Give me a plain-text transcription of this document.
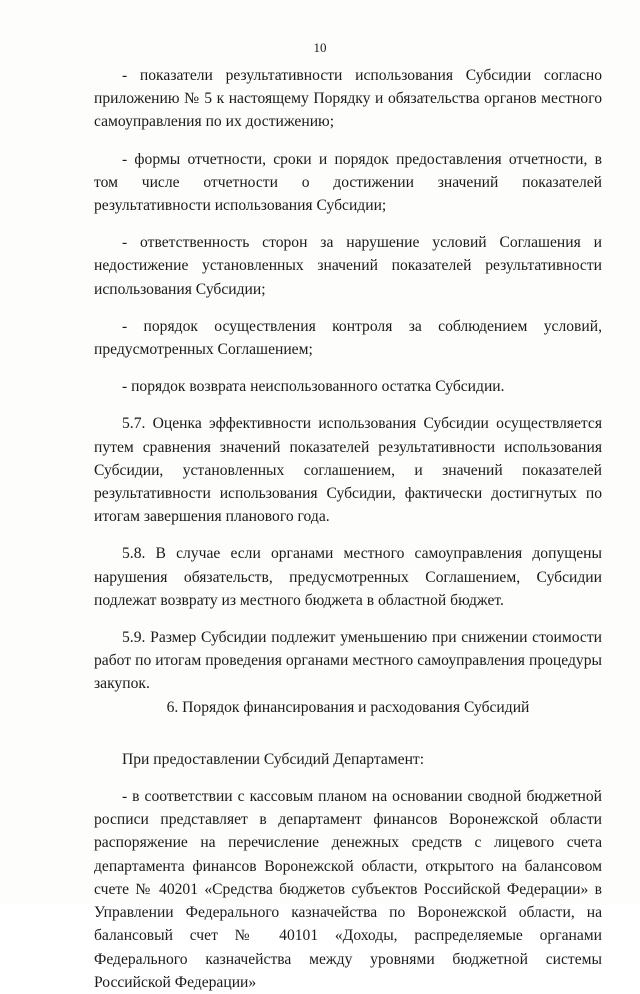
10

- показатели результативности использования Субсидии согласно приложению № 5 к настоящему Порядку и обязательства органов местного самоуправления по их достижению;

- формы отчетности, сроки и порядок предоставления отчетности, в том числе отчетности о достижении значений показателей результативности использования Субсидии;

- ответственность сторон за нарушение условий Соглашения и недостижение установленных значений показателей результативности использования Субсидии;

- порядок осуществления контроля за соблюдением условий, предусмотренных Соглашением;

- порядок возврата неиспользованного остатка Субсидии.

5.7. Оценка эффективности использования Субсидии осуществляется путем сравнения значений показателей результативности использования Субсидии, установленных соглашением, и значений показателей результативности использования Субсидии, фактически достигнутых по итогам завершения планового года.

5.8. В случае если органами местного самоуправления допущены нарушения обязательств, предусмотренных Соглашением, Субсидии подлежат возврату из местного бюджета в областной бюджет.

5.9. Размер Субсидии подлежит уменьшению при снижении стоимости работ по итогам проведения органами местного самоуправления процедуры закупок.

6. Порядок финансирования и расходования Субсидий

При предоставлении Субсидий Департамент:

- в соответствии с кассовым планом на основании сводной бюджетной росписи представляет в департамент финансов Воронежской области распоряжение на перечисление денежных средств с лицевого счета департамента финансов Воронежской области, открытого на балансовом счете № 40201 «Средства бюджетов субъектов Российской Федерации» в Управлении Федерального казначейства по Воронежской области, на балансовый счет № 40101 «Доходы, распределяемые органами Федерального казначейства между уровнями бюджетной системы Российской Федерации»
